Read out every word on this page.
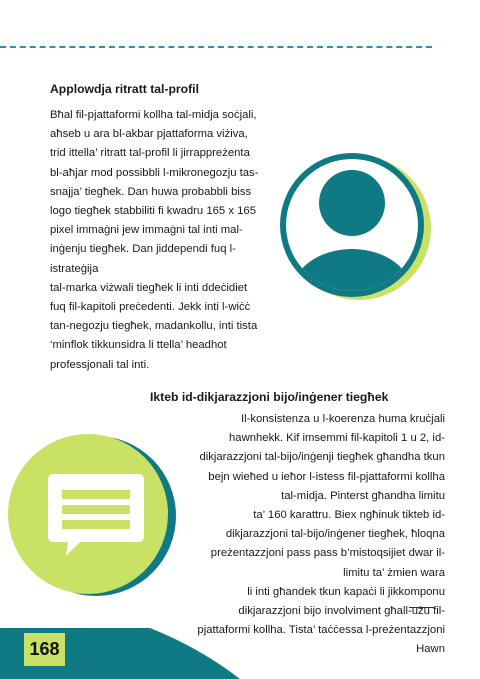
Applowdja ritratt tal-profil

Bħal fil-pjattaformi kollha tal-midja soċjali,
aħseb u ara bl-akbar pjattaforma viżiva,
trid ittella’ ritratt tal-profil li jirrappreżenta
bl-aħjar mod possibbli l-mikronegozju tas-
snajja’ tiegħek. Dan huwa probabbli biss
logo tiegħek stabbiliti fi kwadru 165 x 165
pixel immaġni jew immaġni tal inti mal-
inġenju tiegħek. Dan jiddependi fuq l-
istrateġija
tal-marka viżwali tiegħek li inti ddeċidiet
fuq fil-kapitoli preċedenti. Jekk inti l-wiċċ
tan-negozju tiegħek, madankollu, inti tista
‘minflok tikkunsidra li ttella’ headhot
professjonali tal inti.

Ikteb id-dikjarazzjoni bijo/inġener tiegħek

Il-konsistenza u l-koerenza huma kruċjali
hawnhekk. Kif imsemmi fil-kapitoli 1 u 2, id-
dikjarazzjoni tal-bijo/inġenji tiegħek għandha tkun
bejn wieħed u ieħor l-istess fil-pjattaformi kollha
tal-midja. Pinterst għandha limitu
ta’ 160 karattru. Biex ngħinuk tikteb id-
dikjarazzjoni tal-bijo/inġener tiegħek, ħloqna
preżentazzjoni pass pass b’mistoqsijiet dwar il-
limitu ta’ żmien wara
li inti għandek tkun kapaċi li jikkomponu
dikjarazzjoni bijo involviment għall-użu fil-
pjattaformi kollha. Tista’ taċċessa l-preżentazzjoni
Hawn

168
